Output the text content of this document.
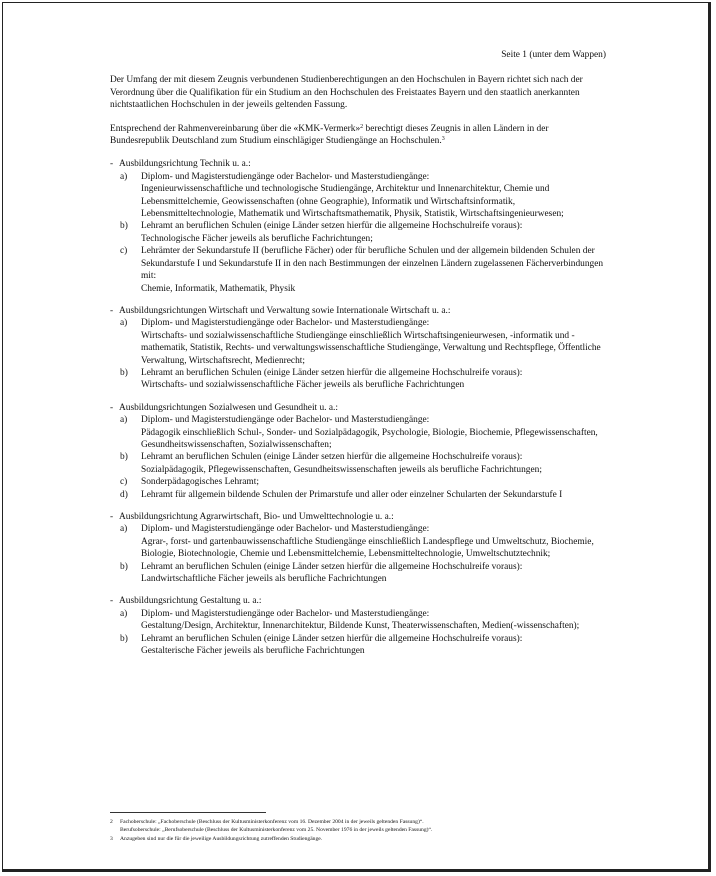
Seite 1 (unter dem Wappen)

Der Umfang der mit diesem Zeugnis verbundenen Studienberechtigungen an den Hochschulen in Bayern richtet sich nach der Verordnung über die Qualifikation für ein Studium an den Hochschulen des Freistaates Bayern und den staatlich anerkannten nichtstaatlichen Hochschulen in der jeweils geltenden Fassung.

Entsprechend der Rahmenvereinbarung über die «KMK-Vermerk»$^2$ berechtigt dieses Zeugnis in allen Ländern in der Bundesrepublik Deutschland zum Studium einschlägiger Studiengänge an Hochschulen.$^3$

- Ausbildungsrichtung Technik u. a.:
a)	Diplom- und Magisterstudiengänge oder Bachelor- und Masterstudiengänge:
Ingenieurwissenschaftliche und technologische Studiengänge, Architektur und Innenarchitektur, Chemie und Lebensmittelchemie, Geowissenschaften (ohne Geographie), Informatik und Wirtschaftsinformatik, Lebensmitteltechnologie, Mathematik und Wirtschaftsmathematik, Physik, Statistik, Wirtschaftsingenieurwesen;
b)	Lehramt an beruflichen Schulen (einige Länder setzen hierfür die allgemeine Hochschulreife voraus):
Technologische Fächer jeweils als berufliche Fachrichtungen;
c)	Lehrämter der Sekundarstufe II (berufliche Fächer) oder für berufliche Schulen und der allgemein bildenden Schulen der Sekundarstufe I und Sekundarstufe II in den nach Bestimmungen der einzelnen Ländern zugelassenen Fächerverbindungen mit:
Chemie, Informatik, Mathematik, Physik
- Ausbildungsrichtungen Wirtschaft und Verwaltung sowie Internationale Wirtschaft u. a.:
a)	Diplom- und Magisterstudiengänge oder Bachelor- und Masterstudiengänge:
Wirtschafts- und sozialwissenschaftliche Studiengänge einschließlich Wirtschaftsingenieurwesen, -informatik und -mathematik, Statistik, Rechts- und verwaltungswissenschaftliche Studiengänge, Verwaltung und Rechtspflege, Öffentliche Verwaltung, Wirtschaftsrecht, Medienrecht;
b)	Lehramt an beruflichen Schulen (einige Länder setzen hierfür die allgemeine Hochschulreife voraus):
Wirtschafts- und sozialwissenschaftliche Fächer jeweils als berufliche Fachrichtungen
- Ausbildungsrichtungen Sozialwesen und Gesundheit u. a.:
a)	Diplom- und Magisterstudiengänge oder Bachelor- und Masterstudiengänge:
Pädagogik einschließlich Schul-, Sonder- und Sozialpädagogik, Psychologie, Biologie, Biochemie, Pflegewissenschaften, Gesundheitswissenschaften, Sozialwissenschaften;
b)	Lehramt an beruflichen Schulen (einige Länder setzen hierfür die allgemeine Hochschulreife voraus):
Sozialpädagogik, Pflegewissenschaften, Gesundheitswissenschaften jeweils als berufliche Fachrichtungen;
c)	Sonderpädagogisches Lehramt;
d)	Lehramt für allgemein bildende Schulen der Primarstufe und aller oder einzelner Schularten der Sekundarstufe I
- Ausbildungsrichtung Agrarwirtschaft, Bio- und Umwelttechnologie u. a.:
a)	Diplom- und Magisterstudiengänge oder Bachelor- und Masterstudiengänge:
Agrar-, forst- und gartenbauwissenschaftliche Studiengänge einschließlich Landespflege und Umweltschutz, Biochemie, Biologie, Biotechnologie, Chemie und Lebensmittelchemie, Lebensmitteltechnologie, Umweltschutztechnik;
b)	Lehramt an beruflichen Schulen (einige Länder setzen hierfür die allgemeine Hochschulreife voraus):
Landwirtschaftliche Fächer jeweils als berufliche Fachrichtungen
- Ausbildungsrichtung Gestaltung u. a.:
a)	Diplom- und Magisterstudiengänge oder Bachelor- und Masterstudiengänge:
Gestaltung/Design, Architektur, Innenarchitektur, Bildende Kunst, Theaterwissenschaften, Medien(-wissenschaften);
b)	Lehramt an beruflichen Schulen (einige Länder setzen hierfür die allgemeine Hochschulreife voraus):
Gestalterische Fächer jeweils als berufliche Fachrichtungen
2	Fachoberschule: „Fachoberschule (Beschluss der Kultusministerkonferenz vom 16. Dezember 2004 in der jeweils geltenden Fassung)“.
Berufsoberschule: „Berufsoberschule (Beschluss der Kultusministerkonferenz vom 25. November 1976 in der jeweils geltenden Fassung)“.
3	Anzugeben sind nur die für die jeweilige Ausbildungsrichtung zutreffenden Studiengänge.
